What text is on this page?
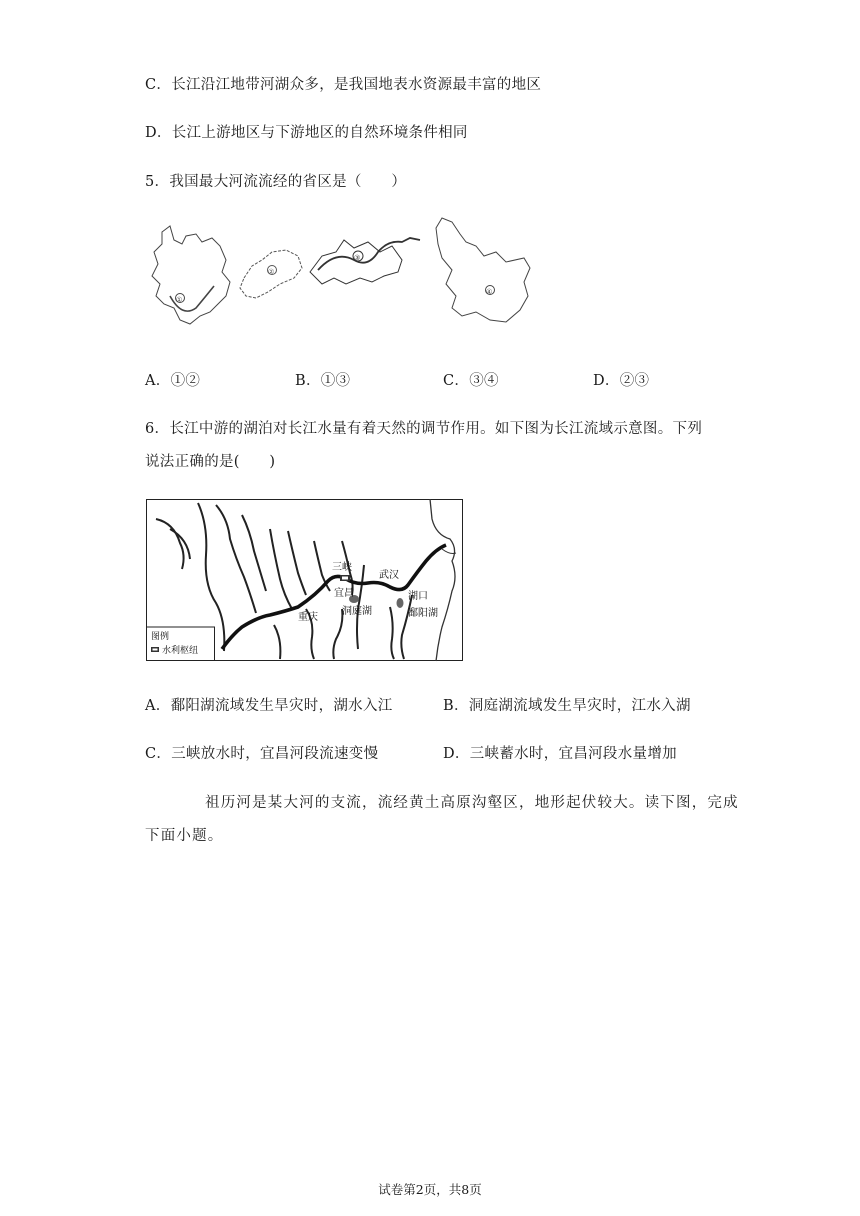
C．长江沿江地带河湖众多，是我国地表水资源最丰富的地区
D．长江上游地区与下游地区的自然环境条件相同
5．我国最大河流流经的省区是（　　）
①
②
③
④
A．①②	B．①③	C．③④	D．②③
6．长江中游的湖泊对长江水量有着天然的调节作用。如下图为长江流域示意图。下列
说法正确的是(　　)
三峡
武汉
宜昌	湖口
重庆
洞庭湖	鄱阳湖
图例
水利枢纽
A．鄱阳湖流域发生旱灾时，湖水入江	B．洞庭湖流域发生旱灾时，江水入湖
C．三峡放水时，宜昌河段流速变慢	D．三峡蓄水时，宜昌河段水量增加
祖历河是某大河的支流，流经黄土高原沟壑区，地形起伏较大。读下图，完成
下面小题。
试卷第2页，共8页
